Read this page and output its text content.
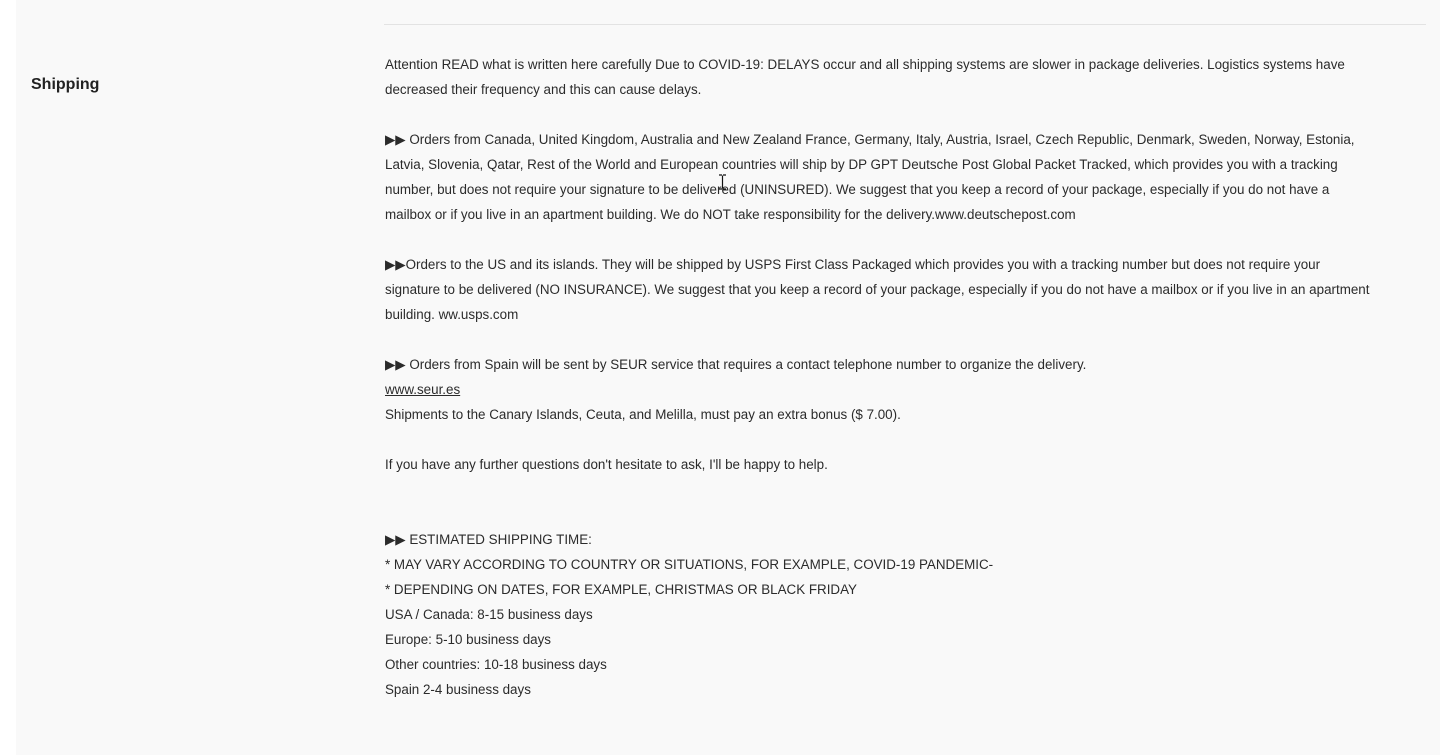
Shipping

Attention READ what is written here carefully Due to COVID-19: DELAYS occur and all shipping systems are slower in package deliveries. Logistics systems have decreased their frequency and this can cause delays.

▶▶ Orders from Canada, United Kingdom, Australia and New Zealand France, Germany, Italy, Austria, Israel, Czech Republic, Denmark, Sweden, Norway, Estonia, Latvia, Slovenia, Qatar, Rest of the World and European countries will ship by DP GPT Deutsche Post Global Packet Tracked, which provides you with a tracking number, but does not require your signature to be delivered (UNINSURED). We suggest that you keep a record of your package, especially if you do not have a mailbox or if you live in an apartment building. We do NOT take responsibility for the delivery.www.deutschepost.com

▶▶Orders to the US and its islands. They will be shipped by USPS First Class Packaged which provides you with a tracking number but does not require your signature to be delivered (NO INSURANCE). We suggest that you keep a record of your package, especially if you do not have a mailbox or if you live in an apartment building. ww.usps.com

▶▶ Orders from Spain will be sent by SEUR service that requires a contact telephone number to organize the delivery.
www.seur.es
Shipments to the Canary Islands, Ceuta, and Melilla, must pay an extra bonus ($ 7.00).

If you have any further questions don't hesitate to ask, I'll be happy to help.

▶▶ ESTIMATED SHIPPING TIME:
* MAY VARY ACCORDING TO COUNTRY OR SITUATIONS, FOR EXAMPLE, COVID-19 PANDEMIC-
* DEPENDING ON DATES, FOR EXAMPLE, CHRISTMAS OR BLACK FRIDAY
USA / Canada: 8-15 business days
Europe: 5-10 business days
Other countries: 10-18 business days
Spain 2-4 business days
